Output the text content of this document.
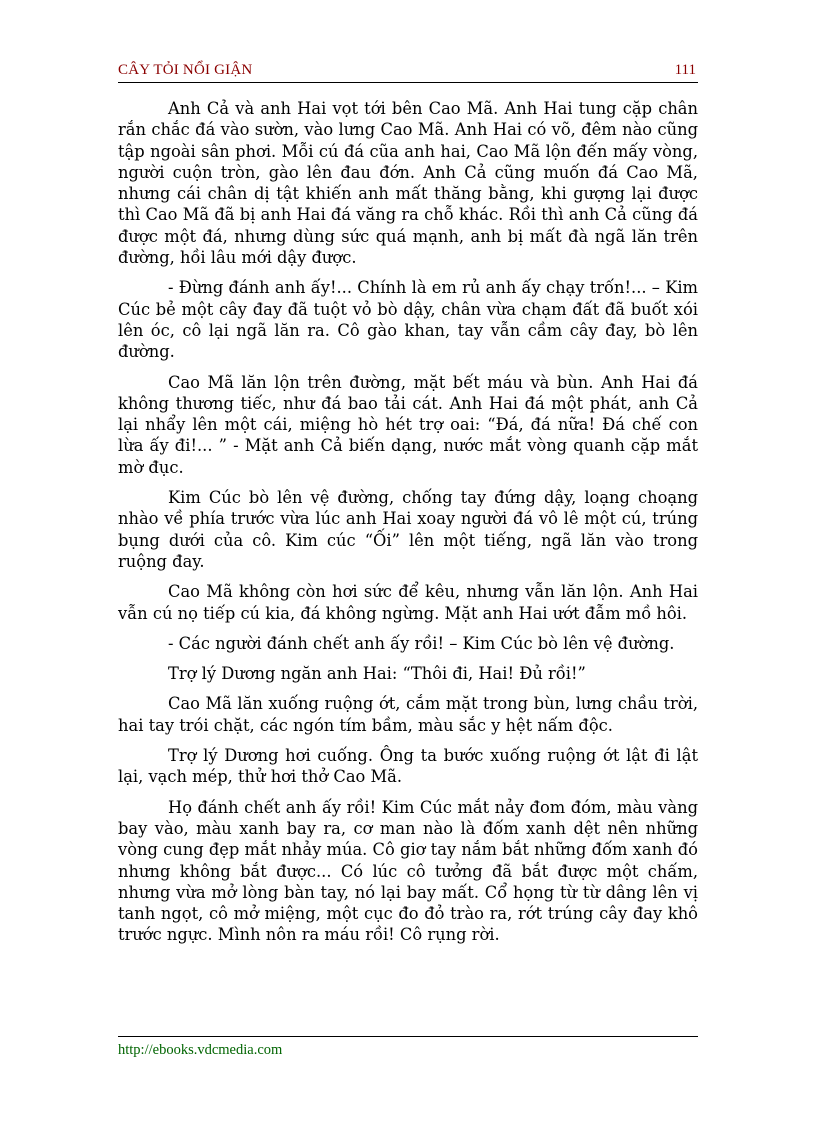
CÂY TỎI NỔI GIẬN	111

Anh Cả và anh Hai vọt tới bên Cao Mã. Anh Hai tung cặp chân rắn chắc đá vào sườn, vào lưng Cao Mã. Anh Hai có võ, đêm nào cũng tập ngoài sân phơi. Mỗi cú đá cũa anh hai, Cao Mã lộn đến mấy vòng, người cuộn tròn, gào lên đau đớn. Anh Cả cũng muốn đá Cao Mã, nhưng cái chân dị tật khiến anh mất thăng bằng, khi gượng lại được thì Cao Mã đã bị anh Hai đá văng ra chỗ khác. Rồi thì anh Cả cũng đá được một đá, nhưng dùng sức quá mạnh, anh bị mất đà ngã lăn trên đường, hồi lâu mới dậy được.

- Đừng đánh anh ấy!... Chính là em rủ anh ấy chạy trốn!... – Kim Cúc bẻ một cây đay đã tuột vỏ bò dậy, chân vừa chạm đất đã buốt xói lên óc, cô lại ngã lăn ra. Cô gào khan, tay vẫn cầm cây đay, bò lên đường.

Cao Mã lăn lộn trên đường, mặt bết máu và bùn. Anh Hai đá không thương tiếc, như đá bao tải cát. Anh Hai đá một phát, anh Cả lại nhẩy lên một cái, miệng hò hét trợ oai: “Đá, đá nữa! Đá chế con lừa ấy đi!... ” - Mặt anh Cả biến dạng, nước mắt vòng quanh cặp mắt mờ đục.

Kim Cúc bò lên vệ đường, chống tay đứng dậy, loạng choạng nhào về phía trước vừa lúc anh Hai xoay người đá vô lê một cú, trúng bụng dưới của cô. Kim cúc “Ối” lên một tiếng, ngã lăn vào trong ruộng đay.

Cao Mã không còn hơi sức để kêu, nhưng vẫn lăn lộn. Anh Hai vẫn cú nọ tiếp cú kia, đá không ngừng. Mặt anh Hai ướt đẫm mồ hôi.

- Các người đánh chết anh ấy rồi! – Kim Cúc bò lên vệ đường.

Trợ lý Dương ngăn anh Hai: “Thôi đi, Hai! Đủ rồi!”

Cao Mã lăn xuống ruộng ớt, cắm mặt trong bùn, lưng chầu trời, hai tay trói chặt, các ngón tím bầm, màu sắc y hệt nấm độc.

Trợ lý Dương hơi cuống. Ông ta bước xuống ruộng ớt lật đi lật lại, vạch mép, thử hơi thở Cao Mã.

Họ đánh chết anh ấy rồi! Kim Cúc mắt nảy đom đóm, màu vàng bay vào, màu xanh bay ra, cơ man nào là đốm xanh dệt nên những vòng cung đẹp mắt nhảy múa. Cô giơ tay nắm bắt những đốm xanh đó nhưng không bắt được... Có lúc cô tưởng đã bắt được một chấm, nhưng vừa mở lòng bàn tay, nó lại bay mất. Cổ họng từ từ dâng lên vị tanh ngọt, cô mở miệng, một cục đo đỏ trào ra, rớt trúng cây đay khô trước ngực. Mình nôn ra máu rồi! Cô rụng rời.

http://ebooks.vdcmedia.com
